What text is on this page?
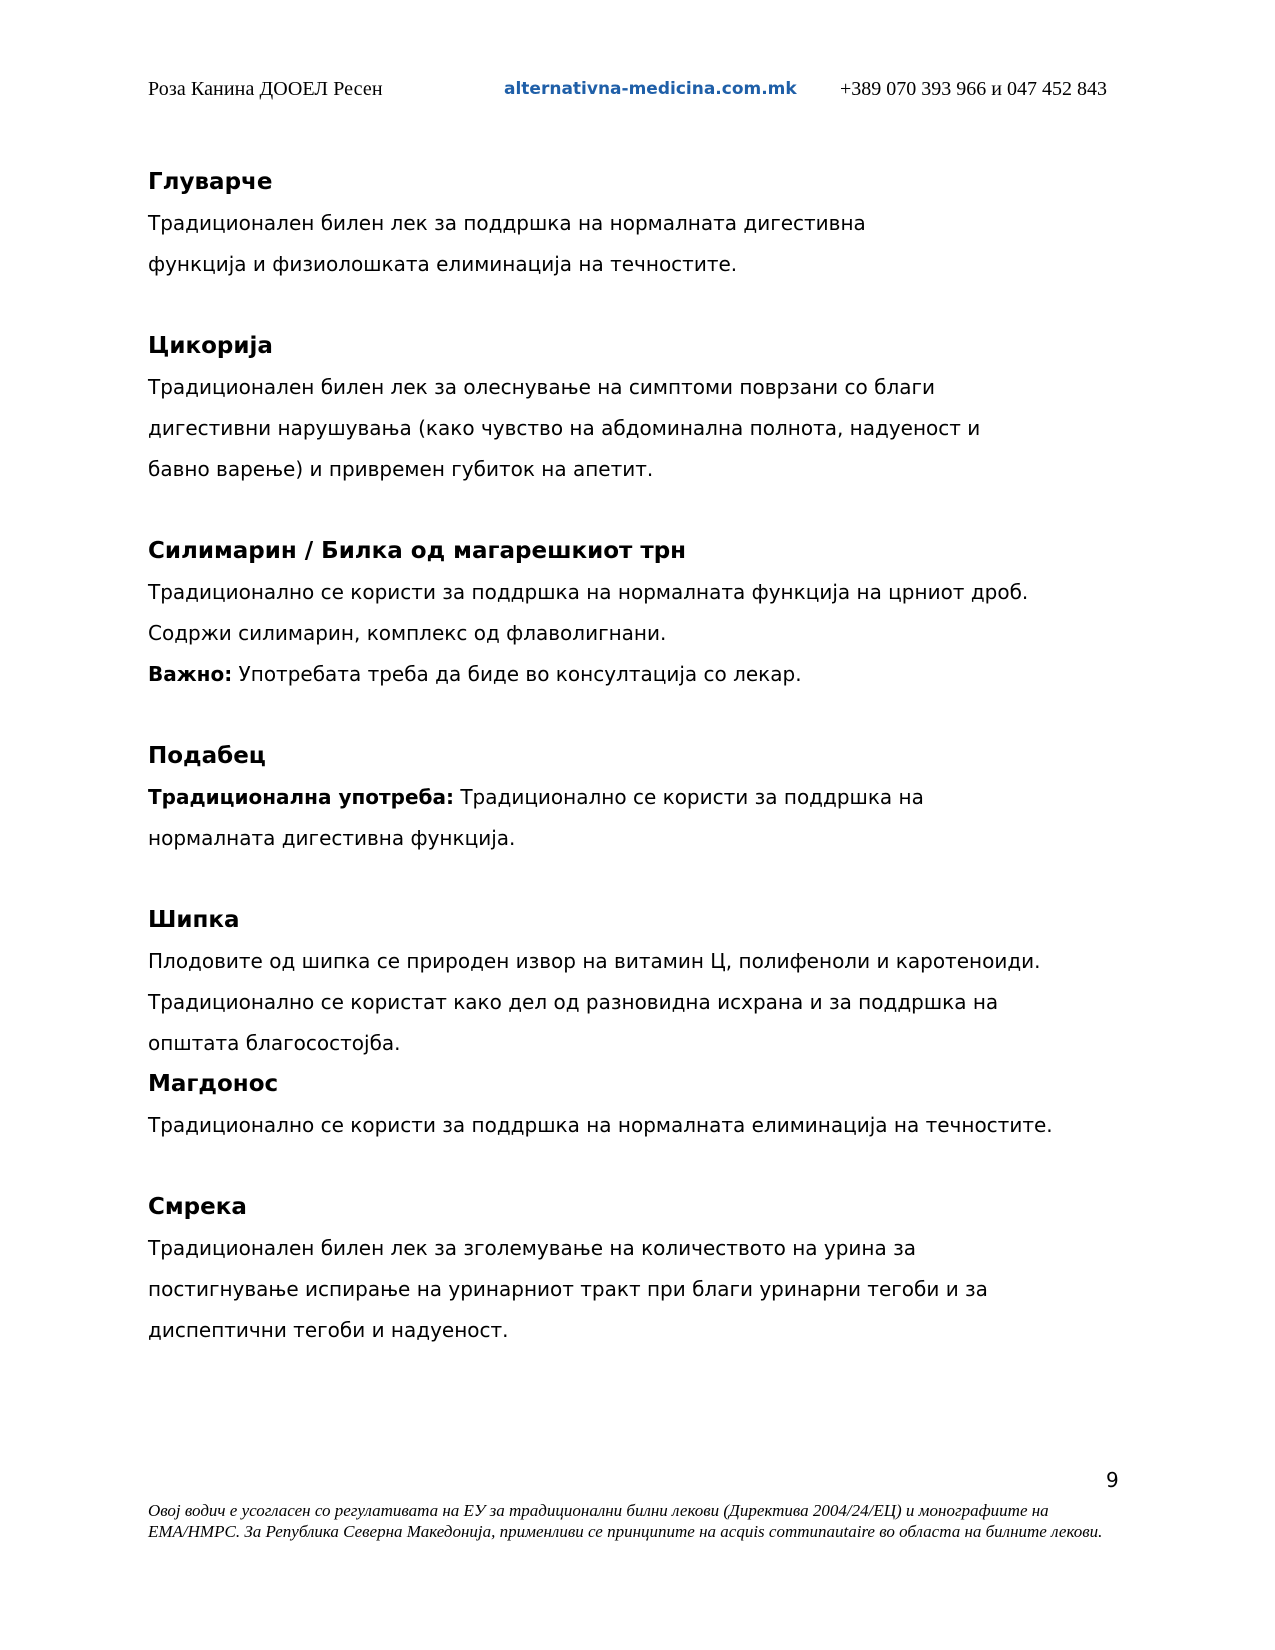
Роза Канина ДООЕЛ Ресен	alternativna-medicina.com.mk +389 070 393 966 и 047 452 843
Глуварче

Традиционален билен лек за поддршка на нормалната дигестивна функција и физиолошката елиминација на течностите.

Цикорија

Традиционален билен лек за олеснување на симптоми поврзани со благи дигестивни нарушувања (како чувство на абдоминална полнота, надуеност и бавно варење) и привремен губиток на апетит.

Силимарин / Билка од магарешкиот трн

Традиционално се користи за поддршка на нормалната функција на црниот дроб. Содржи силимарин, комплекс од флаволигнани.

Важно: Употребата треба да биде во консултација со лекар.

Подабец

Традиционална употреба: Традиционално се користи за поддршка на нормалната дигестивна функција.

Шипка

Плодовите од шипка се природен извор на витамин Ц, полифеноли и каротеноиди. Традиционално се користат како дел од разновидна исхрана и за поддршка на општата благосостојба.

Магдонос

Традиционално се користи за поддршка на нормалната елиминација на течностите.

Смрека

Традиционален билен лек за зголемување на количеството на урина за постигнување испирање на уринарниот тракт при благи уринарни тегоби и за диспептични тегоби и надуеност.

9
Овој водич е усогласен со регулативата на ЕУ за традиционални билни лекови (Директива 2004/24/ЕЦ) и монографиите на EMA/HMPC. За Република Северна Македонија, применливи се принципите на acquis communautaire во областа на билните лекови.
